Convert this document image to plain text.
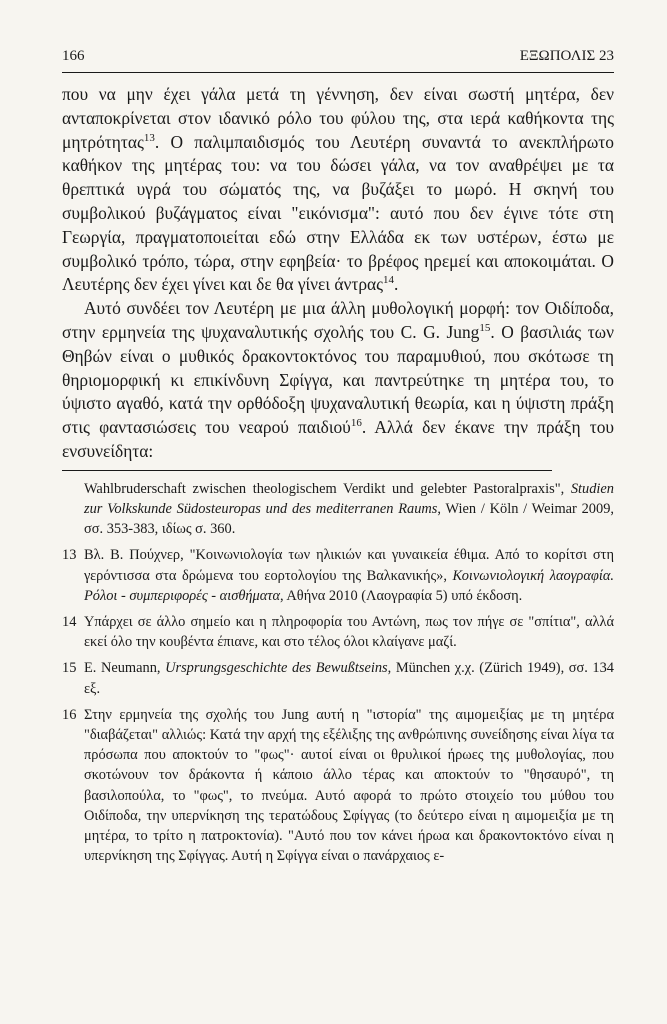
166	ΕΞΩΠΟΛΙΣ 23

που να μην έχει γάλα μετά τη γέννηση, δεν είναι σωστή μητέρα, δεν ανταποκρίνεται στον ιδανικό ρόλο του φύλου της, στα ιερά καθήκοντα της μητρότητας$^{13}$. Ο παλιμπαιδισμός του Λευτέρη συναντά το ανεκπλήρωτο καθήκον της μητέρας του: να του δώσει γάλα, να τον αναθρέψει με τα θρεπτικά υγρά του σώματός της, να βυζάξει το μωρό. Η σκηνή του συμβολικού βυζάγματος είναι "εικόνισμα": αυτό που δεν έγινε τότε στη Γεωργία, πραγματοποιείται εδώ στην Ελλάδα εκ των υστέρων, έστω με συμβολικό τρόπο, τώρα, στην εφηβεία· το βρέφος ηρεμεί και αποκοιμάται. Ο Λευτέρης δεν έχει γίνει και δε θα γίνει άντρας$^{14}$.

Αυτό συνδέει τον Λευτέρη με μια άλλη μυθολογική μορφή: τον Οιδίποδα, στην ερμηνεία της ψυχαναλυτικής σχολής του C. G. Jung$^{15}$. Ο βασιλιάς των Θηβών είναι ο μυθικός δρακοντοκτόνος του παραμυθιού, που σκότωσε τη θηριομορφική κι επικίνδυνη Σφίγγα, και παντρεύτηκε τη μητέρα του, το ύψιστο αγαθό, κατά την ορθόδοξη ψυχαναλυτική θεωρία, και η ύψιστη πράξη στις φαντασιώσεις του νεαρού παιδιού$^{16}$. Αλλά δεν έκανε την πράξη του ενσυνείδητα:

Wahlbruderschaft zwischen theologischem Verdikt und gelebter Pastoralpraxis", Studien zur Volkskunde Südosteuropas und des mediterranen Raums, Wien / Köln / Weimar 2009, σσ. 353-383, ιδίως σ. 360.
13 Βλ. Β. Πούχνερ, "Κοινωνιολογία των ηλικιών και γυναικεία έθιμα. Από το κορίτσι στη γερόντισσα στα δρώμενα του εορτολογίου της Βαλκανικής», Κοινωνιολογική λαογραφία. Ρόλοι - συμπεριφορές - αισθήματα, Αθήνα 2010 (Λαογραφία 5) υπό έκδοση.
14 Υπάρχει σε άλλο σημείο και η πληροφορία του Αντώνη, πως τον πήγε σε "σπίτια", αλλά εκεί όλο την κουβέντα έπιανε, και στο τέλος όλοι κλαίγανε μαζί.
15 E. Neumann, Ursprungsgeschichte des Bewußtseins, München χ.χ. (Zürich 1949), σσ. 134 εξ.
16 Στην ερμηνεία της σχολής του Jung αυτή η "ιστορία" της αιμομειξίας με τη μητέρα "διαβάζεται" αλλιώς: Κατά την αρχή της εξέλιξης της ανθρώπινης συνείδησης είναι λίγα τα πρόσωπα που αποκτούν το "φως"· αυτοί είναι οι θρυλικοί ήρωες της μυθολογίας, που σκοτώνουν τον δράκοντα ή κάποιο άλλο τέρας και αποκτούν το "θησαυρό", τη βασιλοπούλα, το "φως", το πνεύμα. Αυτό αφορά το πρώτο στοιχείο του μύθου του Οιδίποδα, την υπερνίκηση της τερατώδους Σφίγγας (το δεύτερο είναι η αιμομειξία με τη μητέρα, το τρίτο η πατροκτονία). "Αυτό που τον κάνει ήρωα και δρακοντοκτόνο είναι η υπερνίκηση της Σφίγγας. Αυτή η Σφίγγα είναι ο πανάρχαιος ε-
